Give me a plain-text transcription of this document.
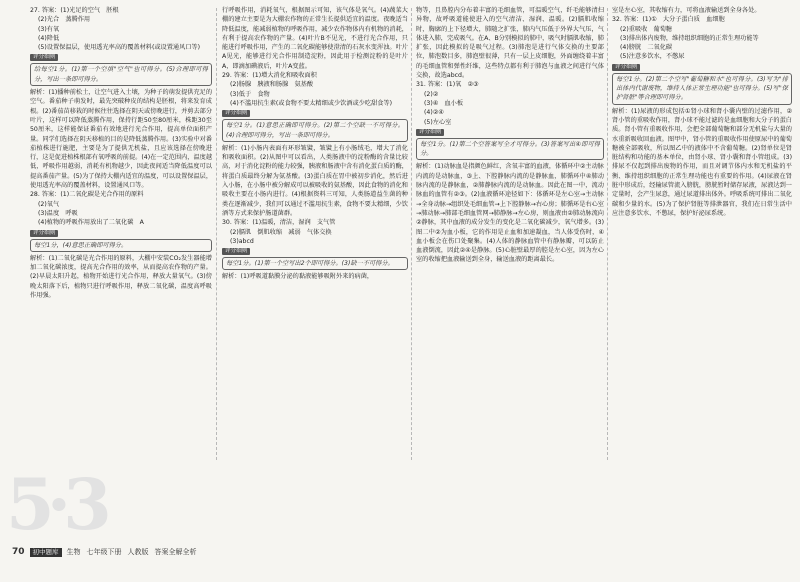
5·3

27. 答案：(1)光足的空气　胚根

(2)光合　蒸腾作用

(3)有氧

(4)降低

(5)设置保温层，使用透光率高的覆盖材料(或设置通风口等)

评分细则

给每空1分。(1)第一个空填"空气"也可得分。(5)合理即可得分，写出一条即可得分。

解析：(1)播种前松土，让空气进入土壤，为种子的萌发提供充足的空气。番茄种子萌发时，最先突破种皮的结构是胚根，将来发育成根。(2)番茄苗移栽的时候往往选择在阴天或傍晚进行，并剪去部分叶片，这样可以降低蒸腾作用，保持行距50至80厘米，株距30至50厘米，这样能保证番茄有效地进行光合作用，提高单位面积产量。同学们选择在阴天移植的目的是降低蒸腾作用。(3)实验中对番茄植株进行施肥，主要是为了提供无机盐，且应该选择在傍晚进行，这是促进植株根部有氧呼吸的前提。(4)在一定范围内，温度越低，呼吸作用越弱，消耗有机物越少，因此夜间适当降低温度可以提高番茄产量。(5)为了保持大棚内适宜的温度，可以设置保温层，使用透光率高的覆盖材料，设置通风口等。

28. 答案：(1)二氧化碳是光合作用的原料

(2)氧气

(3)温度　呼吸

(4)植物的呼吸作用放出了二氧化碳　A

评分细则

每空1分，(4)意思正确即可得分。

解析：(1)二氧化碳是光合作用的原料，大棚中安装CO₂发生器能增加二氧化碳浓度，提高光合作用的效率，从而提高农作物的产量。(2)早晨太阳升起，植物开始进行光合作用，释放大量氧气。(3)傍晚太阳落下后，植物只进行呼吸作用，释放二氧化碳，温度高呼吸作用强。

行呼吸作用，消耗氧气，根据图示可知，该气体是氧气。(4)蔬菜大棚的建立主要是为大棚农作物的正常生长提供适宜的温度。夜晚适当降低温度，能减弱植物的呼吸作用，减少农作物体内有机物的消耗，有利于提高农作物的产量。(4)叶片B不见光，不进行光合作用，只能进行呼吸作用，产生的二氧化碳能够使澄清的石灰水变浑浊。叶片A见光，能够进行光合作用制造淀粉，因此用于检测淀粉的是叶片A，即滴加碘液后，叶片A变蓝。

29. 答案：(1)增大消化和吸收面积

(2)肠腺　胰液和肠腺　氨基酸

(3)低于　食物

(4)不滥用抗生素(或食物不要太精细或少饮酒或少吃甜食等)

评分细则

每空1分。(1)意思正确即可得分。(2)第二个空缺一不可得分。(4)合理即可得分，写出一条即可得分。

解析：(1)小肠内表面有环形皱襞，皱襞上有小肠绒毛，增大了消化和吸收面积。(2)从图中可以看出，人类肠液中的淀粉酶的含量比较高，对于消化淀粉的能力较强，胰液和肠液中含有消化蛋白质的酶，将蛋白质最终分解为氨基酸。(3)蛋白质在胃中被初步消化，然后进入小肠，在小肠中被分解成可以被吸收的氨基酸，因此食物的消化和吸收主要在小肠内进行。(4)根据资料三可知，人类肠道益生菌的种类在逐渐减少，我们可以通过不滥用抗生素，食物不要太精细，少饮酒等方式来保护肠道菌群。

30. 答案：(1)温暖，清洁，湿润　支气管

(2)膈肌　倒肌收缩　减弱　气体交换

(3)abcd

评分细则

每空1分。(1)第一个空写出2个即可得分。(3)缺一不可得分。

解析：(1)呼吸道黏膜分泌的黏液能够吸附外来的病菌，

物等，且鼻腔内分布着丰富的毛细血管，可温暖空气，纤毛能够清扫异物，故呼吸道能使进入的空气清洁、湿润、温暖。(2)膈肌收缩时，胸廓的上下径增大，肺随之扩张，肺内气压低于外界大气压，气体进入肺，完成吸气。在A、B分别模拟的肺中，吸气时膈肌收缩，肺扩张，因此模拟的是吸气过程。(3)肺泡是进行气体交换的主要部位，肺泡数目多，肺泡壁很薄，只有一层上皮细胞，外面缠绕着丰富的毛细血管和弹性纤维，这些特点都有利于肺泡与血液之间进行气体交换，故选abcd。

31. 答案：(1)氧　②③

(2)②

(3)④　血小板

(4)②④

(5)左心室

评分细则

每空1分。(1)第二个空答案写全才可得分。(3)答案写出④即可得分。

解析：(1)动脉血是指颜色鲜红，含氧丰富的血液，体循环中②主动脉内流的是动脉血，③上、下腔静脉内流的是静脉血，肺循环中④肺动脉内流的是静脉血，②肺静脉内流的是动脉血。因此在图一中，流动脉血的血管有②③。(2)血液循环途径如下：体循环是左心室→主动脉→全身动脉→组织处毛细血管→上下腔静脉→右心房；肺循环是右心室→肺动脉→肺部毛细血管网→肺静脉→左心房，则血液由②肺动脉流向②静脉，其中血液的成分发生的变化是二氧化碳减少，氧气增多。(3)图二中②为血小板，它的作用是止血和加速凝血，当人体受伤时，④血小板会在伤口处聚集。(4)人体的静脉血管中有静脉瓣，可以防止血液倒流，因此②④是静脉。(5)心脏壁最厚的腔是左心室，因为左心室的收缩把血液输送到全身，输送血液的距离最长。

室是左心室，其收缩有力，可将血液输送到全身各处。

32. 答案：(1)①　大分子蛋白质　血细胞

(2)重吸收　葡萄糖

(3)排出体内废物，维持组织细胞的正常生理功能等

(4)膀胱　二氧化碳

(5)注意多饮水，不憋尿

评分细则

每空1分。(2)第二个空写"葡萄糖和水"也可得分。(3)写为"排出体内代谢废物，维持人体正常生理功能"也可得分。(5)写"保护肾脏"等合理即可得分。

解析：(1)尿液的形成包括①肾小球和肾小囊内壁的过滤作用，②肾小管的重吸收作用，肾小球不能过滤的是血细胞和大分子的蛋白质。肾小管有重吸收作用，会把全部葡萄糖和部分无机盐与大量的水重新吸收回血液。图甲中，肾小管的重吸收作用使原尿中的葡萄糖被全部吸收，所以图乙中的液体中不含葡萄糖。(2)肾单位是肾脏结构和功能的基本单位，由肾小球、肾小囊和肾小管组成。(3)排尿不仅起到排出废物的作用，而且对调节体内水和无机盐的平衡、维持组织细胞的正常生理功能也有重要的作用。(4)尿液在肾脏中形成后，经输尿管流入膀胱，膀胱暂时储存尿液，尿液达到一定量时，会产生尿意，通过尿道排出体外。呼吸系统可排出二氧化碳和少量的水。(5)为了保护肾脏等排泄器官，我们在日常生活中应注意多饮水、不憋尿，保护好泌尿系统。

70	初中题库	生物 七年级下册 人教版 答案全解全析
